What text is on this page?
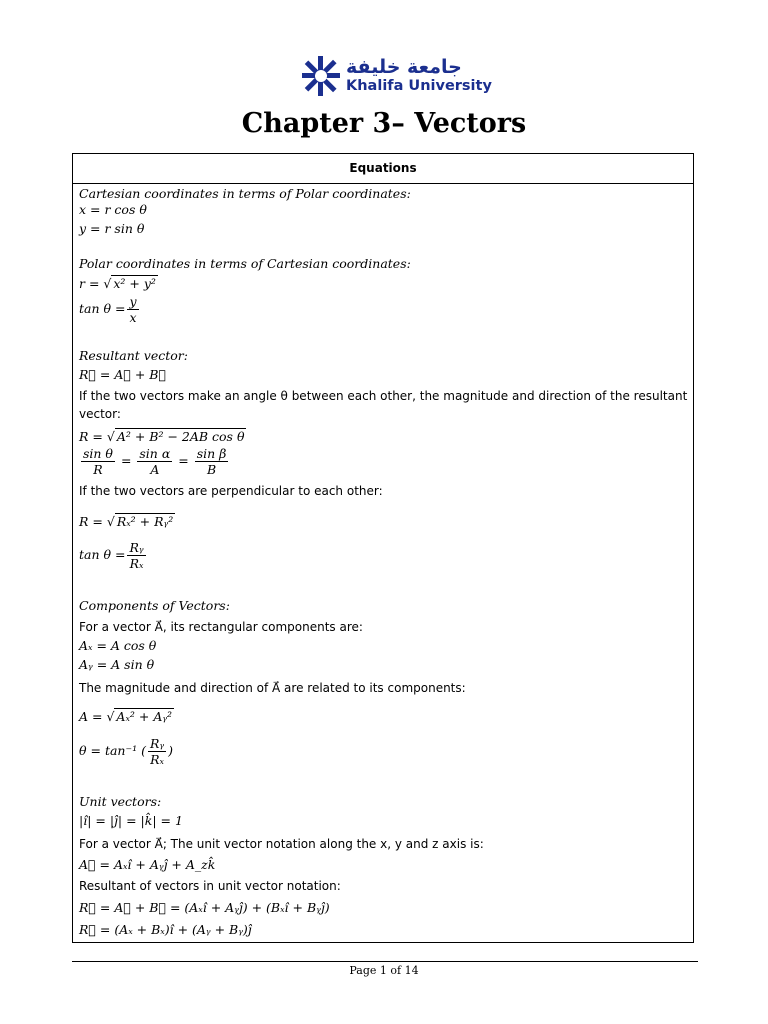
جامعة خليفة
Khalifa University
Chapter 3– Vectors
Equations
Cartesian coordinates in terms of Polar coordinates:
x = r cos θ
y = r sin θ
Polar coordinates in terms of Cartesian coordinates:
r = √ x² + y²
$\tan \theta = \frac{y}{x}$
Resultant vector:
R⃗ = A⃗ + B⃗
If the two vectors make an angle θ between each other, the magnitude and direction of the resultant
vector:
R = √ A² + B² − 2AB cos θ
$\frac{\text{sin θ}}{R} = \frac{\text{sin α}}{A} = \frac{\text{sin β}}{B}$
If the two vectors are perpendicular to each other:
R = √ Rₓ² + Rᵧ²
$\tan \theta = \frac{\text{Rᵧ}}{\text{Rₓ}}$
Components of Vectors:
For a vector A⃗, its rectangular components are:
Aₓ = A cos θ
Aᵧ = A sin θ
The magnitude and direction of A⃗ are related to its components:
A = √ Aₓ² + Aᵧ²
θ = tan⁻¹ ( $\frac{\text{Rᵧ}}{\text{Rₓ}}$ )
Unit vectors:
|î| = |ĵ| = |k̂| = 1
For a vector A⃗; The unit vector notation along the x, y and z axis is:
A⃗ = Aₓî + Aᵧĵ + A_zk̂
Resultant of vectors in unit vector notation:
R⃗ = A⃗ + B⃗ = (Aₓî + Aᵧĵ) + (Bₓî + Bᵧĵ)
R⃗ = (Aₓ + Bₓ)î + (Aᵧ + Bᵧ)ĵ
Page 1 of 14
